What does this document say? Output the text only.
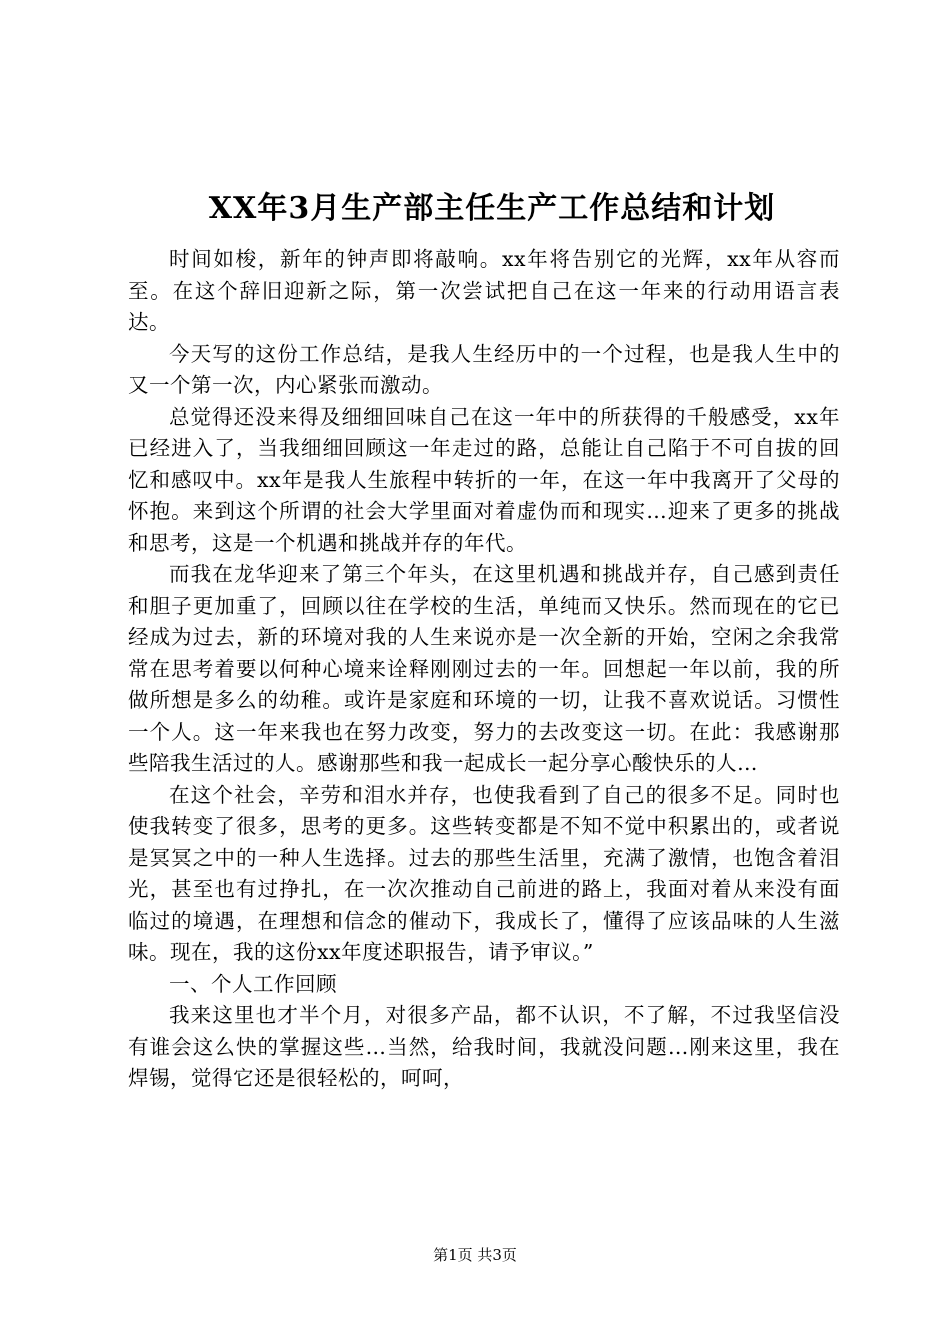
XX年3月生产部主任生产工作总结和计划

时间如梭，新年的钟声即将敲响。xx年将告别它的光辉，xx年从容而至。在这个辞旧迎新之际，第一次尝试把自己在这一年来的行动用语言表达。

今天写的这份工作总结，是我人生经历中的一个过程，也是我人生中的又一个第一次，内心紧张而激动。

总觉得还没来得及细细回味自己在这一年中的所获得的千般感受，xx年已经进入了，当我细细回顾这一年走过的路，总能让自己陷于不可自拔的回忆和感叹中。xx年是我人生旅程中转折的一年，在这一年中我离开了父母的怀抱。来到这个所谓的社会大学里面对着虚伪而和现实…迎来了更多的挑战和思考，这是一个机遇和挑战并存的年代。

而我在龙华迎来了第三个年头，在这里机遇和挑战并存，自己感到责任和胆子更加重了，回顾以往在学校的生活，单纯而又快乐。然而现在的它已经成为过去，新的环境对我的人生来说亦是一次全新的开始，空闲之余我常常在思考着要以何种心境来诠释刚刚过去的一年。回想起一年以前，我的所做所想是多么的幼稚。或许是家庭和环境的一切，让我不喜欢说话。习惯性一个人。这一年来我也在努力改变，努力的去改变这一切。在此：我感谢那些陪我生活过的人。感谢那些和我一起成长一起分享心酸快乐的人…

在这个社会，辛劳和泪水并存，也使我看到了自己的很多不足。同时也使我转变了很多，思考的更多。这些转变都是不知不觉中积累出的，或者说是冥冥之中的一种人生选择。过去的那些生活里，充满了激情，也饱含着泪光，甚至也有过挣扎，在一次次推动自己前进的路上，我面对着从来没有面临过的境遇，在理想和信念的催动下，我成长了，懂得了应该品味的人生滋味。现在，我的这份xx年度述职报告，请予审议。”

一、个人工作回顾

我来这里也才半个月，对很多产品，都不认识，不了解，不过我坚信没有谁会这么快的掌握这些…当然，给我时间，我就没问题…刚来这里，我在焊锡，觉得它还是很轻松的，呵呵，

第1页 共3页
